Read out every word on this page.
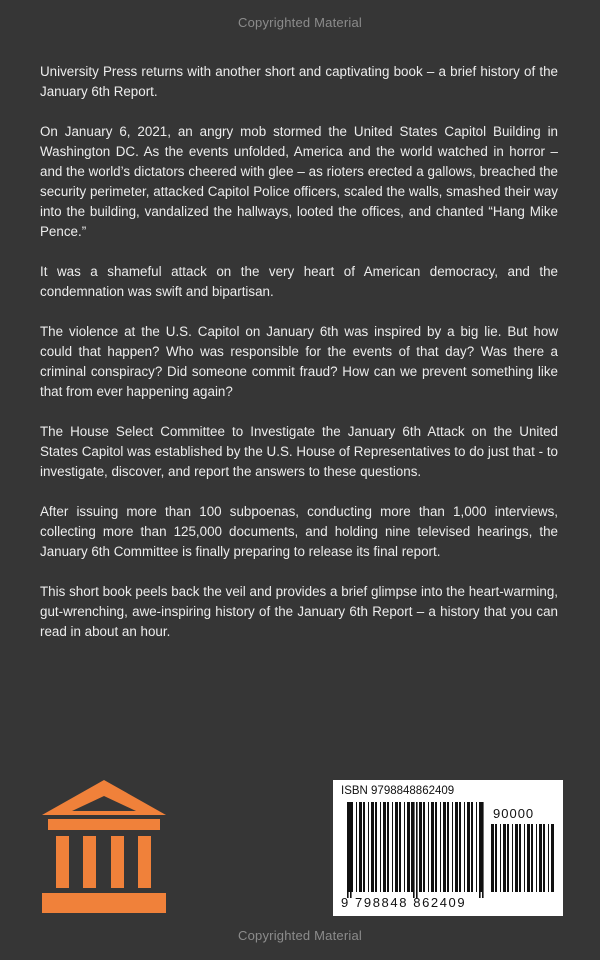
Copyrighted Material

University Press returns with another short and captivating book – a brief history of the January 6th Report.

On January 6, 2021, an angry mob stormed the United States Capitol Building in Washington DC. As the events unfolded, America and the world watched in horror – and the world’s dictators cheered with glee – as rioters erected a gallows, breached the security perimeter, attacked Capitol Police officers, scaled the walls, smashed their way into the building, vandalized the hallways, looted the offices, and chanted “Hang Mike Pence.”

It was a shameful attack on the very heart of American democracy, and the condemnation was swift and bipartisan.

The violence at the U.S. Capitol on January 6th was inspired by a big lie. But how could that happen? Who was responsible for the events of that day? Was there a criminal conspiracy? Did someone commit fraud? How can we prevent something like that from ever happening again?

The House Select Committee to Investigate the January 6th Attack on the United States Capitol was established by the U.S. House of Representatives to do just that - to investigate, discover, and report the answers to these questions.

After issuing more than 100 subpoenas, conducting more than 1,000 interviews, collecting more than 125,000 documents, and holding nine televised hearings, the January 6th Committee is finally preparing to release its final report.

This short book peels back the veil and provides a brief glimpse into the heart-warming, gut-wrenching, awe-inspiring history of the January 6th Report – a history that you can read in about an hour.

ISBN 9798848862409
90000
9 798848 862409
Copyrighted Material
